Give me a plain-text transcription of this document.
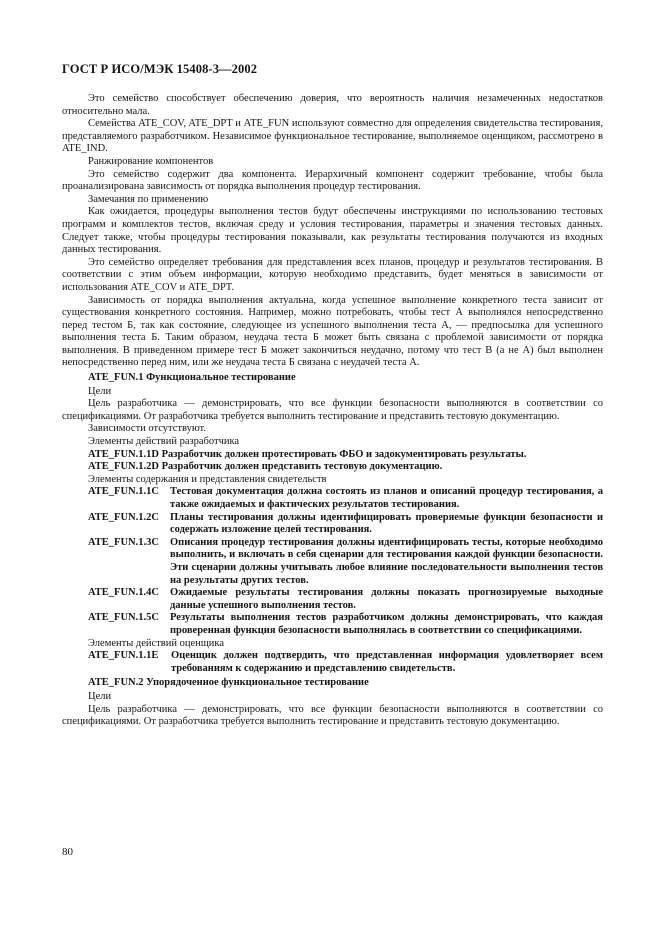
ГОСТ Р ИСО/МЭК 15408-3—2002

Это семейство способствует обеспечению доверия, что вероятность наличия незамеченных недостатков относительно мала.

Семейства ATE_COV, ATE_DPT и ATE_FUN используют совместно для определения свидетельства тестирования, представляемого разработчиком. Независимое функциональное тестирование, выполняемое оценщиком, рассмотрено в ATE_IND.

Ранжирование компонентов

Это семейство содержит два компонента. Иерархичный компонент содержит требование, чтобы была проанализирована зависимость от порядка выполнения процедур тестирования.

Замечания по применению

Как ожидается, процедуры выполнения тестов будут обеспечены инструкциями по использованию тестовых программ и комплектов тестов, включая среду и условия тестирования, параметры и значения тестовых данных. Следует также, чтобы процедуры тестирования показывали, как результаты тестирования получаются из входных данных тестирования.

Это семейство определяет требования для представления всех планов, процедур и результатов тестирования. В соответствии с этим объем информации, которую необходимо представить, будет меняться в зависимости от использования ATE_COV и ATE_DPT.

Зависимость от порядка выполнения актуальна, когда успешное выполнение конкретного теста зависит от существования конкретного состояния. Например, можно потребовать, чтобы тест А выполнялся непосредственно перед тестом Б, так как состояние, следующее из успешного выполнения теста А, — предпосылка для успешного выполнения теста Б. Таким образом, неудача теста Б может быть связана с проблемой зависимости от порядка выполнения. В приведенном примере тест Б может закончиться неудачно, потому что тест В (а не А) был выполнен непосредственно перед ним, или же неудача теста Б связана с неудачей теста А.

ATE_FUN.1 Функциональное тестирование

Цели

Цель разработчика — демонстрировать, что все функции безопасности выполняются в соответствии со спецификациями. От разработчика требуется выполнить тестирование и представить тестовую документацию.

Зависимости отсутствуют.

Элементы действий разработчика

ATE_FUN.1.1D Разработчик должен протестировать ФБО и задокументировать результаты.

ATE_FUN.1.2D Разработчик должен представить тестовую документацию.

Элементы содержания и представления свидетельств

ATE_FUN.1.1C	Тестовая документация должна состоять из планов и описаний процедур тестирования, а также ожидаемых и фактических результатов тестирования.
ATE_FUN.1.2C	Планы тестирования должны идентифицировать проверяемые функции безопасности и содержать изложение целей тестирования.
ATE_FUN.1.3C	Описания процедур тестирования должны идентифицировать тесты, которые необходимо выполнить, и включать в себя сценарии для тестирования каждой функции безопасности. Эти сценарии должны учитывать любое влияние последовательности выполнения тестов на результаты других тестов.
ATE_FUN.1.4C	Ожидаемые результаты тестирования должны показать прогнозируемые выходные данные успешного выполнения тестов.
ATE_FUN.1.5C	Результаты выполнения тестов разработчиком должны демонстрировать, что каждая проверенная функция безопасности выполнялась в соответствии со спецификациями.

Элементы действий оценщика

ATE_FUN.1.1E	Оценщик должен подтвердить, что представленная информация удовлетворяет всем требованиям к содержанию и представлению свидетельств.

ATE_FUN.2 Упорядоченное функциональное тестирование

Цели

Цель разработчика — демонстрировать, что все функции безопасности выполняются в соответствии со спецификациями. От разработчика требуется выполнить тестирование и представить тестовую документацию.

80
